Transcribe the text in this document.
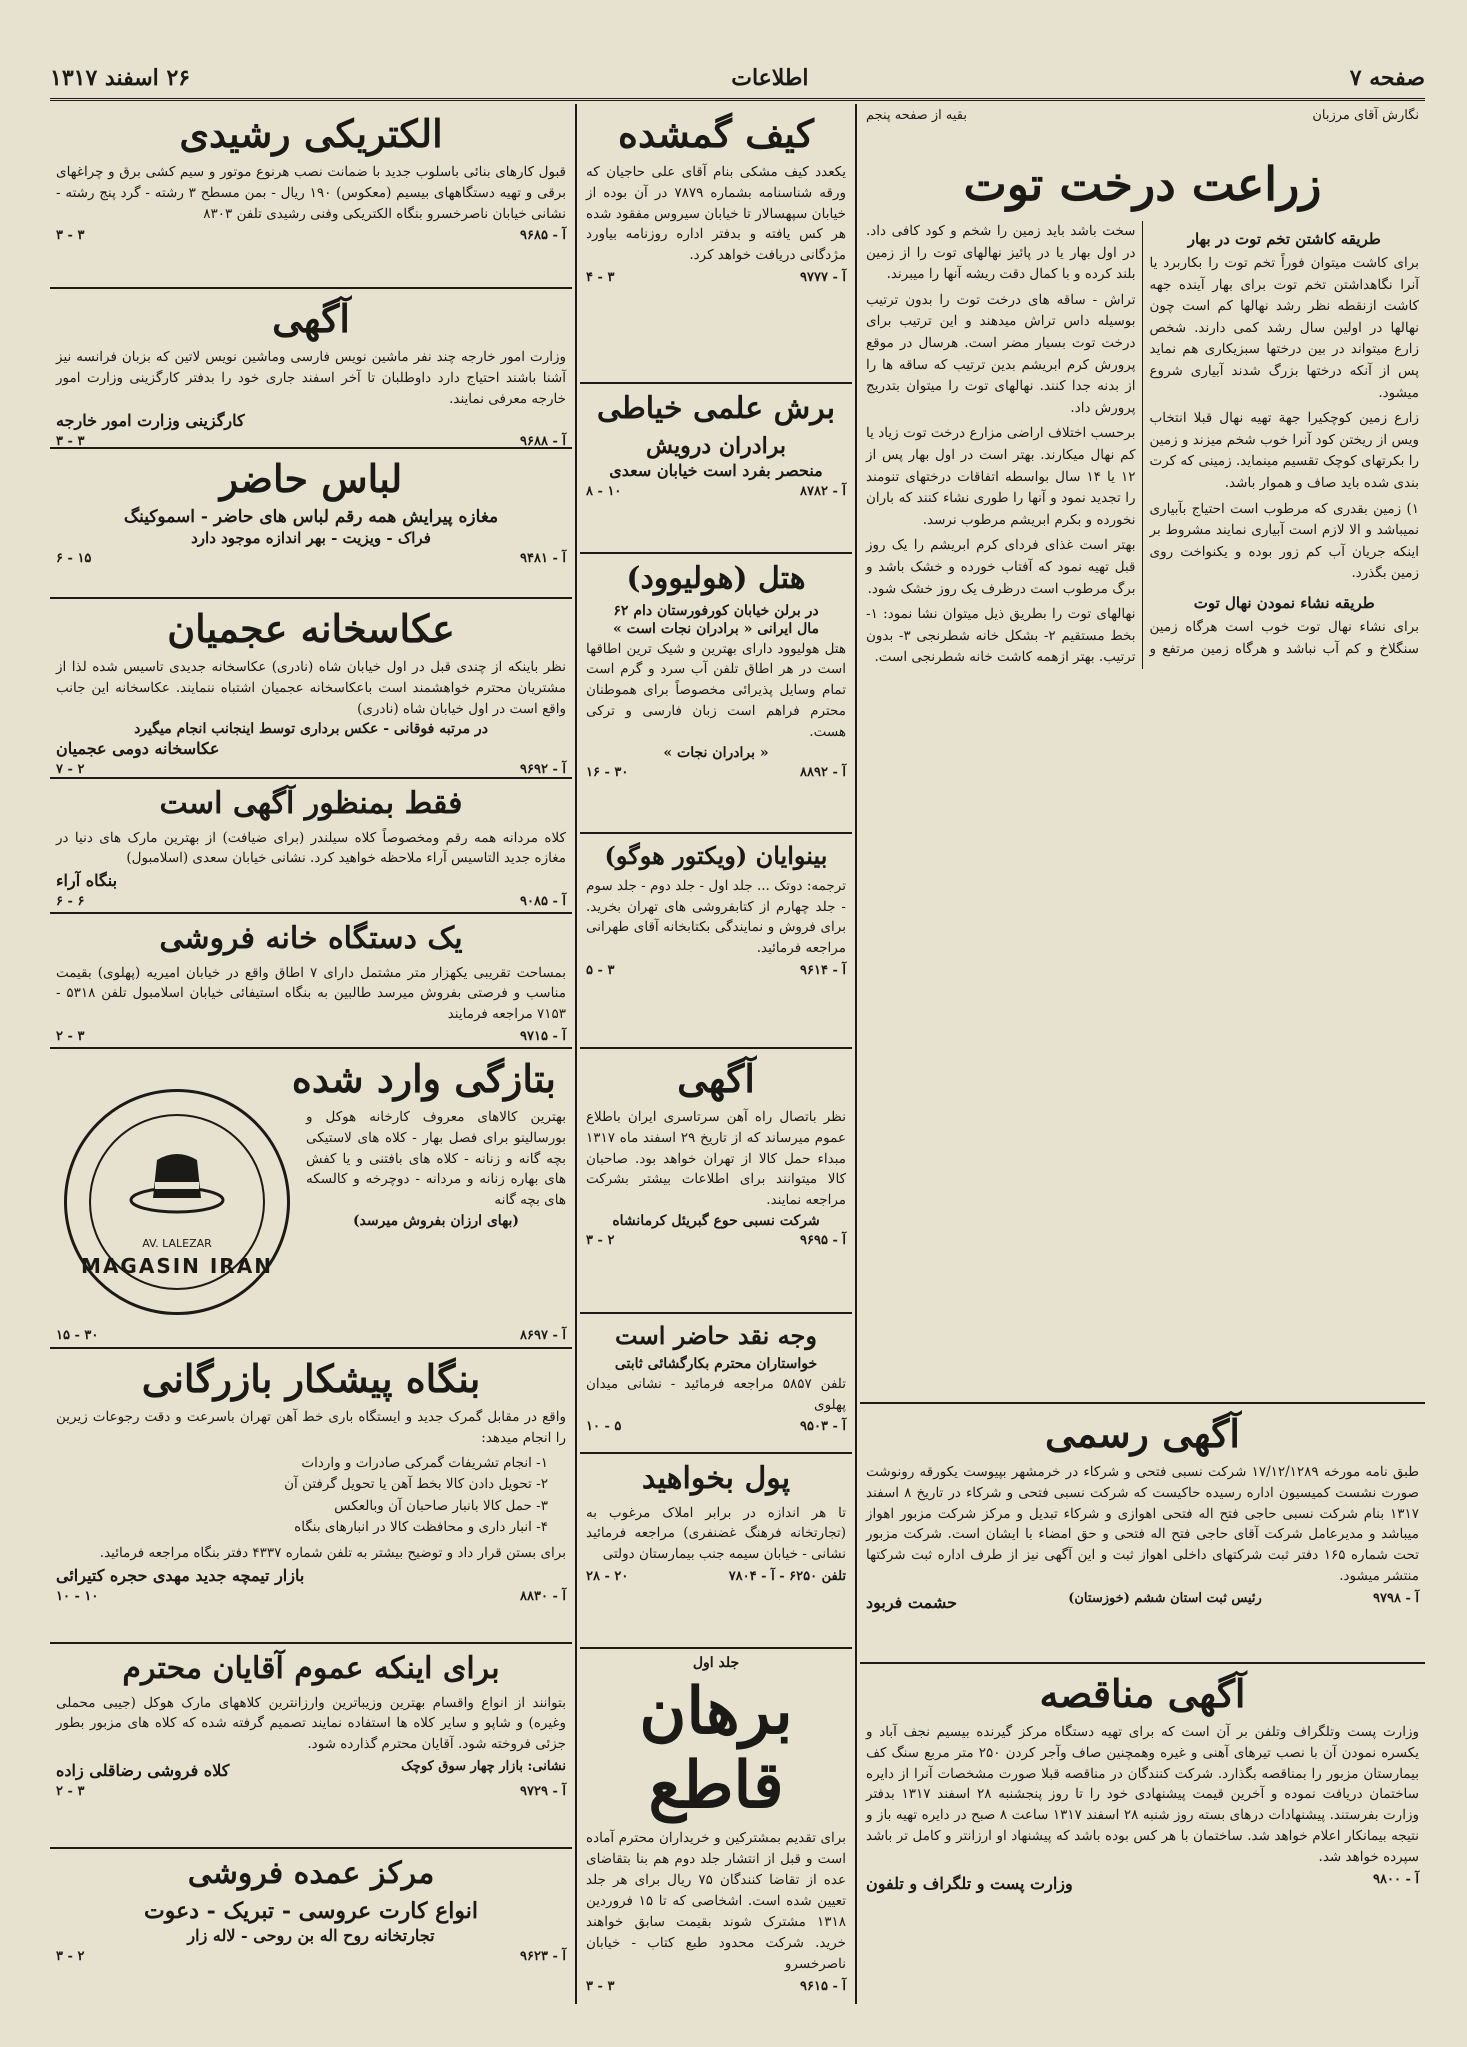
صفحه ۷
اطلاعات
۲۶ اسفند ۱۳۱۷
نگارش آقای مرزبان
بقیه از صفحه پنجم
زراعت درخت توت
طریقه کاشتن تخم توت در بهار

برای کاشت میتوان فوراً تخم توت را بکاربرد یا آنرا نگاهداشتن تخم توت برای بهار آینده جهه کاشت ازنقطه نظر رشد نهالها کم است چون نهالها در اولین سال رشد کمی دارند. شخص زارع میتواند در بین درختها سبزیکاری هم نماید پس از آنکه درختها بزرگ شدند آبیاری شروع میشود.

زارع زمین کوچکیرا جهة تهیه نهال قبلا انتخاب ویس از ریختن کود آنرا خوب شخم میزند و زمین را بکرتهای کوچک تقسیم مینماید. زمینی که کرت بندی شده باید صاف و هموار باشد.

۱) زمین بقدری که مرطوب است احتیاج بآبیاری نمیباشد و الا لازم است آبیاری نمایند مشروط بر اینکه جریان آب کم زور بوده و یکنواخت روی زمین بگذرد.

طریقه نشاء نمودن نهال توت

برای نشاء نهال توت خوب است هرگاه زمین سنگلاخ و کم آب نباشد و هرگاه زمین مرتفع و سخت باشد باید زمین را شخم و کود کافی داد. در اول بهار یا در پائیز نهالهای توت را از زمین بلند کرده و با کمال دقت ریشه آنها را میبرند.

تراش - ساقه های درخت توت را بدون ترتیب بوسیله داس تراش میدهند و این ترتیب برای درخت توت بسیار مضر است. هرسال در موقع پرورش کرم ابریشم بدین ترتیب که ساقه ها را از بدنه جدا کنند. نهالهای توت را میتوان بتدریج پرورش داد.

برحسب اختلاف اراضی مزارع درخت توت زیاد یا کم نهال میکارند. بهتر است در اول بهار پس از ۱۲ یا ۱۴ سال بواسطه اتفاقات درختهای تنومند را تجدید نمود و آنها را طوری نشاء کنند که باران نخورده و بکرم ابریشم مرطوب نرسد.

بهتر است غذای فردای کرم ابریشم را یک روز قبل تهیه نمود که آفتاب خورده و خشک باشد و برگ مرطوب است درظرف یک روز خشک شود.

نهالهای توت را بطریق ذیل میتوان نشا نمود: ۱- بخط مستقیم ۲- بشکل خانه شطرنجی ۳- بدون ترتیب. بهتر ازهمه کاشت خانه شطرنجی است.

آگهی رسمی
طبق نامه مورخه ۱۷/۱۲/۱۲۸۹ شرکت نسبی فتحی و شرکاء در خرمشهر بپیوست یکورقه رونوشت صورت نشست کمیسیون اداره رسیده حاکیست که شرکت نسبی فتحی و شرکاء در تاریخ ۸ اسفند ۱۳۱۷ بنام شرکت نسبی حاجی فتح اله فتحی اهوازی و شرکاء تبدیل و مرکز شرکت مزبور اهواز میباشد و مدیرعامل شرکت آقای حاجی فتح اله فتحی و حق امضاء با ایشان است. شرکت مزبور تحت شماره ۱۶۵ دفتر ثبت شرکتهای داخلی اهواز ثبت و این آگهی نیز از طرف اداره ثبت شرکتها منتشر میشود.
آ - ۹۷۹۸
رئیس ثبت استان ششم (خوزستان)
حشمت فربود
آگهی مناقصه
وزارت پست وتلگراف وتلفن بر آن است که برای تهیه دستگاه مرکز گیرنده بیسیم نجف آباد و یکسره نمودن آن با نصب تیرهای آهنی و غیره وهمچنین صاف وآجر کردن ۲۵۰ متر مربع سنگ کف بیمارستان مزبور را بمناقصه بگذارد. شرکت کنندگان در مناقصه قبلا صورت مشخصات آنرا از دایره ساختمان دریافت نموده و آخرین قیمت پیشنهادی خود را تا روز پنجشنبه ۲۸ اسفند ۱۳۱۷ بدفتر وزارت بفرستند. پیشنهادات درهای بسته روز شنبه ۲۸ اسفند ۱۳۱۷ ساعت ۸ صبح در دایره تهیه باز و نتیجه بیمانکار اعلام خواهد شد. ساختمان با هر کس بوده باشد که پیشنهاد او ارزانتر و کامل تر باشد سپرده خواهد شد.
آ - ۹۸۰۰
وزارت پست و تلگراف و تلفون
کیف گمشده
یکعدد کیف مشکی بنام آقای علی حاجیان که ورقه شناسنامه بشماره ۷۸۷۹ در آن بوده از خیابان سپهسالار تا خیابان سیروس مفقود شده هر کس یافته و بدفتر اداره روزنامه بیاورد مژدگانی دریافت خواهد کرد.
آ - ۹۷۷۷
۳ - ۴
برش علمی خیاطی
برادران درویش
منحصر بفرد است خیابان سعدی
آ - ۸۷۸۲
۱۰ - ۸
هتل (هولیوود)
در برلن خیابان کورفورستان دام ۶۲
مال ایرانی « برادران نجات است »
هتل هولیوود دارای بهترین و شیک ترین اطاقها است در هر اطاق تلفن آب سرد و گرم است تمام وسایل پذیرائی مخصوصاً برای هموطنان محترم فراهم است زبان فارسی و ترکی هست.
« برادران نجات »
آ - ۸۸۹۲
۳۰ - ۱۶
بینوایان (ویکتور هوگو)
ترجمه: دوتک ... جلد اول - جلد دوم - جلد سوم - جلد چهارم از کتابفروشی های تهران بخرید. برای فروش و نمایندگی بکتابخانه آقای طهرانی مراجعه فرمائید.
آ - ۹۶۱۴
۳ - ۵
آگهی
نظر باتصال راه آهن سرتاسری ایران باطلاع عموم میرساند که از تاریخ ۲۹ اسفند ماه ۱۳۱۷ مبداء حمل کالا از تهران خواهد بود. صاحبان کالا میتوانند برای اطلاعات بیشتر بشرکت مراجعه نمایند.
شرکت نسبی حوع گبریئل کرمانشاه
آ - ۹۶۹۵
۲ - ۳
وجه نقد حاضر است
خواستاران محترم بکارگشائی ثابتی
تلفن ۵۸۵۷ مراجعه فرمائید - نشانی میدان پهلوی
آ - ۹۵۰۳
۵ - ۱۰
پول بخواهید
تا هر اندازه در برابر املاک مرغوب به (تجارتخانه فرهنگ غضنفری) مراجعه فرمائید نشانی - خیابان سیمه جنب بیمارستان دولتی
تلفن ۶۲۵۰ - آ - ۷۸۰۴
۲۰ - ۲۸
جلد اول
برهان قاطع
برای تقدیم بمشترکین و خریداران محترم آماده است و قبل از انتشار جلد دوم هم بنا بتقاضای عده از تقاضا کنندگان ۷۵ ریال برای هر جلد تعیین شده است. اشخاصی که تا ۱۵ فروردین ۱۳۱۸ مشترک شوند بقیمت سابق خواهند خرید. شرکت محدود طبع کتاب - خیابان ناصرخسرو
آ - ۹۶۱۵
۳ - ۳
الکتریکی رشیدی
قبول کارهای بنائی باسلوب جدید با ضمانت نصب هرنوع موتور و سیم کشی برق و چراغهای برقی و تهیه دستگاههای بیسیم (معکوس) ۱۹۰ ریال - بمن مسطح ۳ رشته - گرد پنج رشته - نشانی خیابان ناصرخسرو بنگاه الکتریکی وفنی رشیدی تلفن ۸۳۰۳
آ - ۹۶۸۵
۳ - ۳
آگهی
وزارت امور خارجه چند نفر ماشین نویس فارسی وماشین نویس لاتین که بزبان فرانسه نیز آشنا باشند احتیاج دارد داوطلبان تا آخر اسفند جاری خود را بدفتر کارگزینی وزارت امور خارجه معرفی نمایند.
کارگزینی وزارت امور خارجه
آ - ۹۶۸۸
۳ - ۳
لباس حاضر
مغازه پیرایش همه رقم لباس های حاضر - اسموکینگ
فراک - ویزیت - بهر اندازه موجود دارد
آ - ۹۴۸۱
۱۵ - ۶
عکاسخانه عجمیان
نظر باینکه از چندی قبل در اول خیابان شاه (نادری) عکاسخانه جدیدی تاسیس شده لذا از مشتریان محترم خواهشمند است باعکاسخانه عجمیان اشتباه ننمایند. عکاسخانه این جانب واقع است در اول خیابان شاه (نادری)
در مرتبه فوقانی - عکس برداری توسط اینجانب انجام میگیرد
عکاسخانه دومی عجمیان
آ - ۹۶۹۲
۲ - ۷
فقط بمنظور آگهی است
کلاه مردانه همه رقم ومخصوصاً کلاه سیلندر (برای ضیافت) از بهترین مارک های دنیا در مغازه جدید التاسیس آراء ملاحظه خواهید کرد. نشانی خیابان سعدی (اسلامبول)
بنگاه آراء
آ - ۹۰۸۵
۶ - ۶
یک دستگاه خانه فروشی
بمساحت تقریبی یکهزار متر مشتمل دارای ۷ اطاق واقع در خیابان امیریه (پهلوی) بقیمت مناسب و فرصتی بفروش میرسد طالبین به بنگاه استیفائی خیابان اسلامبول تلفن ۵۳۱۸ - ۷۱۵۳ مراجعه فرمایند
آ - ۹۷۱۵
۳ - ۲
بتازگی وارد شده
بهترین کالاهای معروف کارخانه هوکل و بورسالینو برای فصل بهار - کلاه های لاستیکی بچه گانه و زنانه - کلاه های بافتنی و یا کفش های بهاره زنانه و مردانه - دوچرخه و کالسکه های بچه گانه
(بهای ارزان بفروش میرسد)
AV. LALEZAR
MAGASIN IRAN
آ - ۸۶۹۷
۳۰ - ۱۵
بنگاه پیشکار بازرگانی
واقع در مقابل گمرک جدید و ایستگاه باری خط آهن تهران باسرعت و دقت رجوعات زیرین را انجام میدهد:
۱- انجام تشریفات گمرکی صادرات و واردات
۲- تحویل دادن کالا بخط آهن یا تحویل گرفتن آن
۳- حمل کالا بانبار صاحبان آن وبالعکس
۴- انبار داری و محافظت کالا در انبارهای بنگاه
برای بستن قرار داد و توضیح بیشتر به تلفن شماره ۴۳۳۷ دفتر بنگاه مراجعه فرمائید.
بازار تیمچه جدید مهدی حجره کتیرائی
آ - ۸۸۳۰
۱۰ - ۱۰
برای اینکه عموم آقایان محترم
بتوانند از انواع واقسام بهترین وزیباترین وارزانترین کلاههای مارک هوکل (جیبی محملی وغیره) و شاپو و سایر کلاه ها استفاده نمایند تصمیم گرفته شده که کلاه های مزبور بطور جزئی فروخته شود. آقایان محترم گذارده شود.
نشانی: بازار چهار سوق کوچک
کلاه فروشی رضاقلی زاده
آ - ۹۷۲۹
۳ - ۲
مرکز عمده فروشی
انواع کارت عروسی - تبریک - دعوت
تجارتخانه روح اله بن روحی - لاله زار
آ - ۹۶۲۳
۲ - ۳
